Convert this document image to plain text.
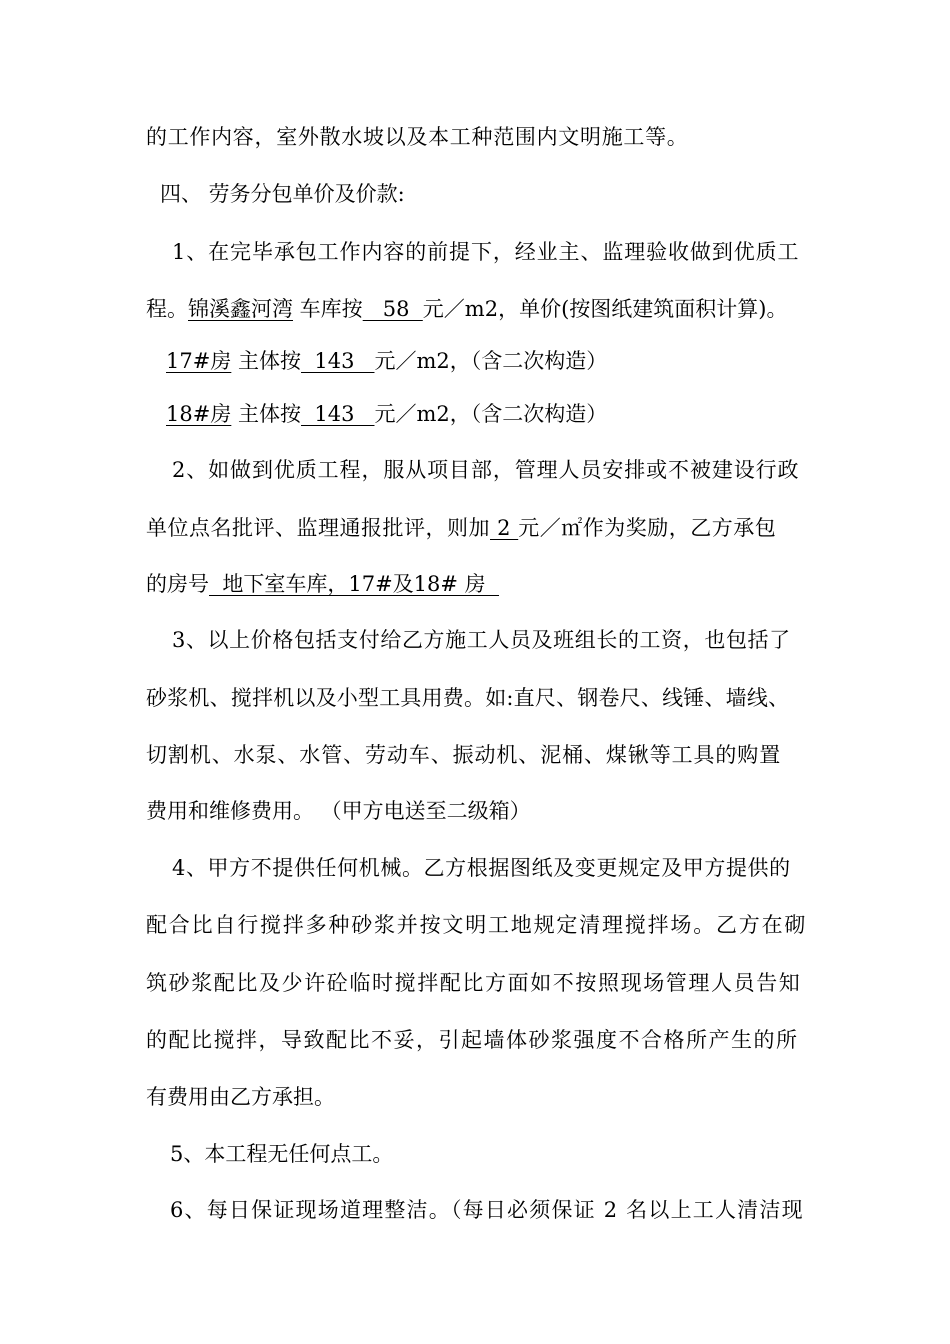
的工作内容，室外散水坡以及本工种范围内文明施工等。
四、 劳务分包单价及价款:
1、在完毕承包工作内容的前提下，经业主、监理验收做到优质工
程。锦溪鑫河湾 车库按   58  元／m2，单价(按图纸建筑面积计算)。
17#房 主体按  143   元／m2，（含二次构造）
18#房 主体按  143   元／m2，（含二次构造）
2、如做到优质工程，服从项目部，管理人员安排或不被建设行政
单位点名批评、监理通报批评，则加 2 元／㎡作为奖励，乙方承包
的房号  地下室车库，17#及18# 房
3、以上价格包括支付给乙方施工人员及班组长的工资，也包括了
砂浆机、搅拌机以及小型工具用费。如:直尺、钢卷尺、线锤、墙线、
切割机、水泵、水管、劳动车、振动机、泥桶、煤锹等工具的购置
费用和维修费用。 （甲方电送至二级箱）
4、甲方不提供任何机械。乙方根据图纸及变更规定及甲方提供的
配合比自行搅拌多种砂浆并按文明工地规定清理搅拌场。乙方在砌
筑砂浆配比及少许砼临时搅拌配比方面如不按照现场管理人员告知
的配比搅拌，导致配比不妥，引起墙体砂浆强度不合格所产生的所
有费用由乙方承担。
5、本工程无任何点工。
6、每日保证现场道理整洁。（每日必须保证 2 名以上工人清洁现
